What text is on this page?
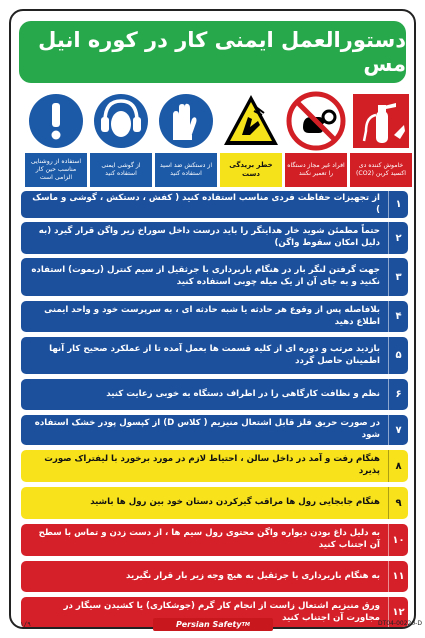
دستورالعمل ایمنی کار در کوره انیل مس
استفاده از روشنایی مناسب حین کار الزامی است
از گوشی ایمنی استفاده کنید
از دستکش ضد اسید استفاده کنید
خطر بریدگی دست
افراد غیر مجاز دستگاه را تعمیر نکنند
خاموش کننده دی اکسید کربن (CO2)
۱
از تجهیزات حفاظت فردی مناسب استفاده کنید ( کفش ، دستکش ، گوشی و ماسک )
۲
حتماً مطمئن شوید خار هدایتگر را باید درست داخل سوراخ زیر واگن قرار گیرد (به دلیل امکان سقوط واگن)
۳
جهت گرفتن لنگر بار در هنگام باربرداری با جرثقیل از سیم کنترل (ریموت) استفاده نکنید و به جای آن از یک میله چوبی استفاده کنید
۴
بلافاصله پس از وقوع هر حادثه یا شبه حادثه ای ، به سرپرست خود و واحد ایمنی اطلاع دهید
۵
بازدید مرتب و دوره ای از کلیه قسمت ها بعمل آمده تا از عملکرد صحیح کار آنها اطمینان حاصل گردد
۶
نظم و نظافت کارگاهی را در اطراف دستگاه به خوبی رعایت کنید
۷
در صورت حریق فلز قابل اشتعال منیزیم ( کلاس D) از کپسول پودر خشک استفاده شود
۸
هنگام رفت و آمد در داخل سالن ، احتیاط لازم در مورد برخورد با لیفتراک صورت پذیرد
۹
هنگام جابجایی رول ها مراقب گیرکردن دستان خود بین رول ها باشید
۱۰
به دلیل داغ بودن دیواره واگن محتوی رول سیم ها ، از دست زدن و تماس با سطح آن اجتناب کنید
۱۱
به هنگام باربرداری با جرثقیل به هیچ وجه زیر بار قرار نگیرید
۱۲
ورق منیزیم اشتعال زاست از انجام کار گرم (جوشکاری) یا کشیدن سیگار در مجاورت آن اجتناب کنید
۱/۹	Persian Safety TM	DT04-00220-D
